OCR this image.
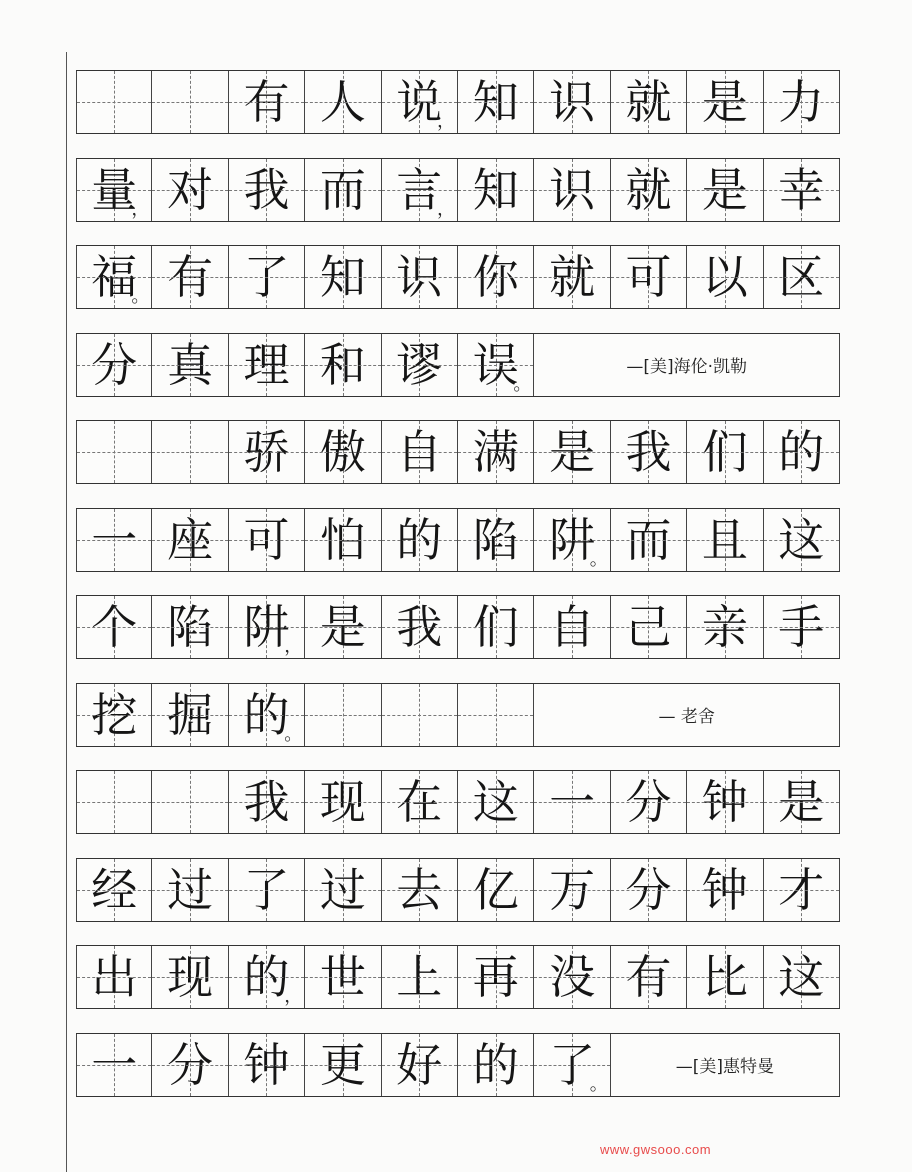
有 人 说
， 知 识 就 是 力
量
， 对 我 而 言
， 知 识 就 是 幸
福
。 有 了 知 识 你 就 可 以 区
分 真 理 和 谬 误
。
—[美]海伦·凯勒
骄 傲 自 满 是 我 们 的
一 座 可 怕 的 陷 阱
。 而 且 这
个 陷 阱
， 是 我 们 自 己 亲 手
挖 掘 的
。
— 老舍
我 现 在 这 一 分 钟 是
经 过 了 过 去 亿 万 分 钟 才
出 现 的
， 世 上 再 没 有 比 这
一 分 钟 更 好 的 了
。
—[美]惠特曼
www.gwsooo.com
